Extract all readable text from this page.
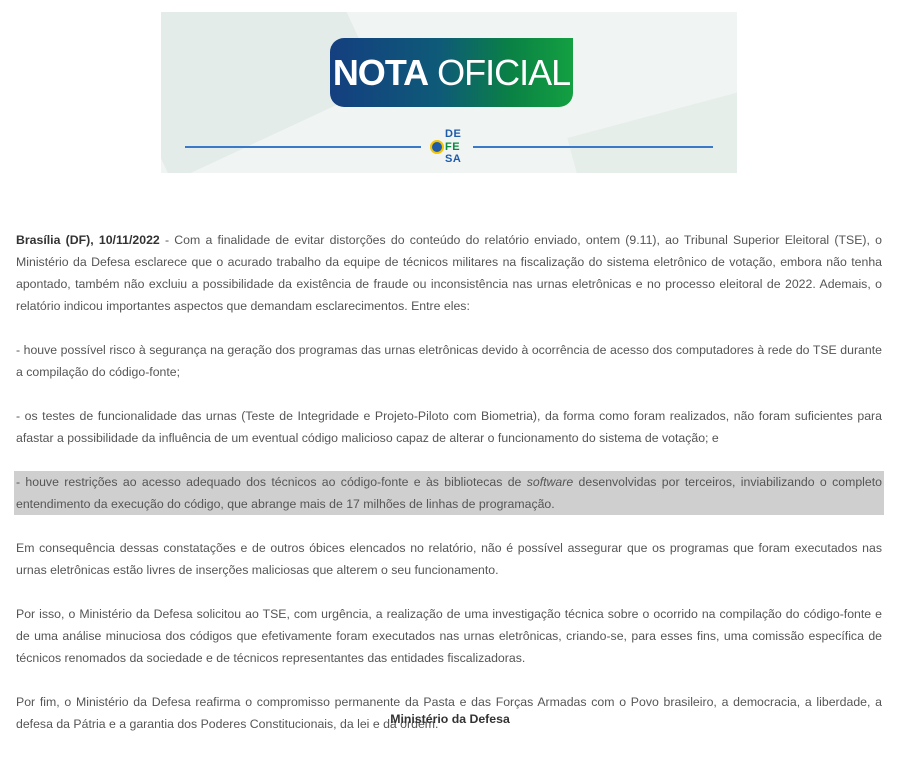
NOTA OFICIAL
DE
FE
SA

Brasília (DF), 10/11/2022 - Com a finalidade de evitar distorções do conteúdo do relatório enviado, ontem (9.11), ao Tribunal Superior Eleitoral (TSE), o Ministério da Defesa esclarece que o acurado trabalho da equipe de técnicos militares na fiscalização do sistema eletrônico de votação, embora não tenha apontado, também não excluiu a possibilidade da existência de fraude ou inconsistência nas urnas eletrônicas e no processo eleitoral de 2022. Ademais, o relatório indicou importantes aspectos que demandam esclarecimentos. Entre eles:

- houve possível risco à segurança na geração dos programas das urnas eletrônicas devido à ocorrência de acesso dos computadores à rede do TSE durante a compilação do código-fonte;

- os testes de funcionalidade das urnas (Teste de Integridade e Projeto-Piloto com Biometria), da forma como foram realizados, não foram suficientes para afastar a possibilidade da influência de um eventual código malicioso capaz de alterar o funcionamento do sistema de votação; e

- houve restrições ao acesso adequado dos técnicos ao código-fonte e às bibliotecas de software desenvolvidas por terceiros, inviabilizando o completo entendimento da execução do código, que abrange mais de 17 milhões de linhas de programação.

Em consequência dessas constatações e de outros óbices elencados no relatório, não é possível assegurar que os programas que foram executados nas urnas eletrônicas estão livres de inserções maliciosas que alterem o seu funcionamento.

Por isso, o Ministério da Defesa solicitou ao TSE, com urgência, a realização de uma investigação técnica sobre o ocorrido na compilação do código-fonte e de uma análise minuciosa dos códigos que efetivamente foram executados nas urnas eletrônicas, criando-se, para esses fins, uma comissão específica de técnicos renomados da sociedade e de técnicos representantes das entidades fiscalizadoras.

Por fim, o Ministério da Defesa reafirma o compromisso permanente da Pasta e das Forças Armadas com o Povo brasileiro, a democracia, a liberdade, a defesa da Pátria e a garantia dos Poderes Constitucionais, da lei e da ordem.

Ministério da Defesa
